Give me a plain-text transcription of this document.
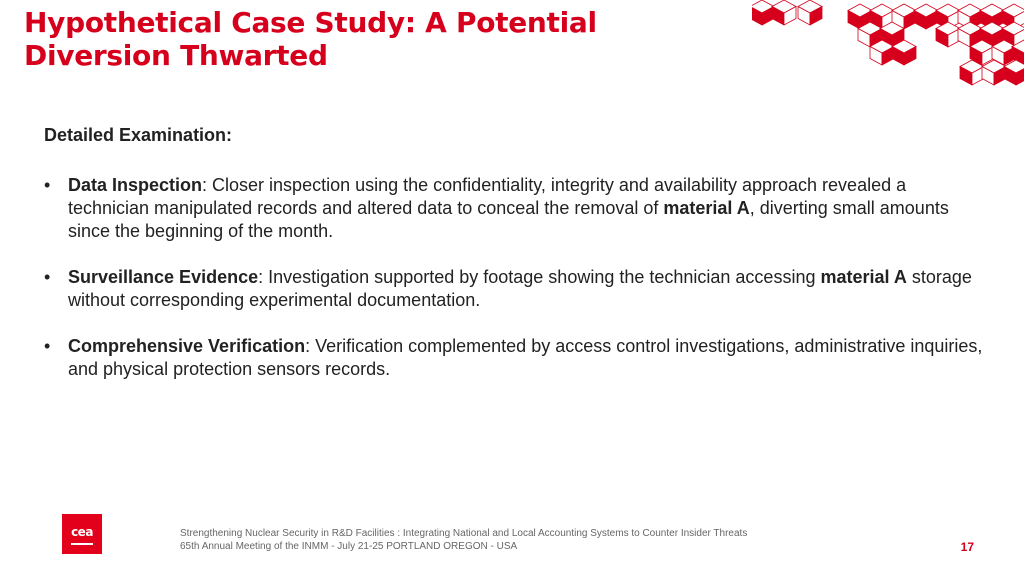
Hypothetical Case Study: A Potential Diversion Thwarted

Detailed Examination:

• Data Inspection: Closer inspection using the confidentiality, integrity and availability approach revealed a technician manipulated records and altered data to conceal the removal of material A, diverting small amounts since the beginning of the month.
• Surveillance Evidence: Investigation supported by footage showing the technician accessing material A storage without corresponding experimental documentation.
• Comprehensive Verification: Verification complemented by access control investigations, administrative inquiries, and physical protection sensors records.
cea	Strengthening Nuclear Security in R&D Facilities : Integrating National and Local Accounting Systems to Counter Insider Threats
65th Annual Meeting of the INMM - July 21-25 PORTLAND OREGON - USA	17
